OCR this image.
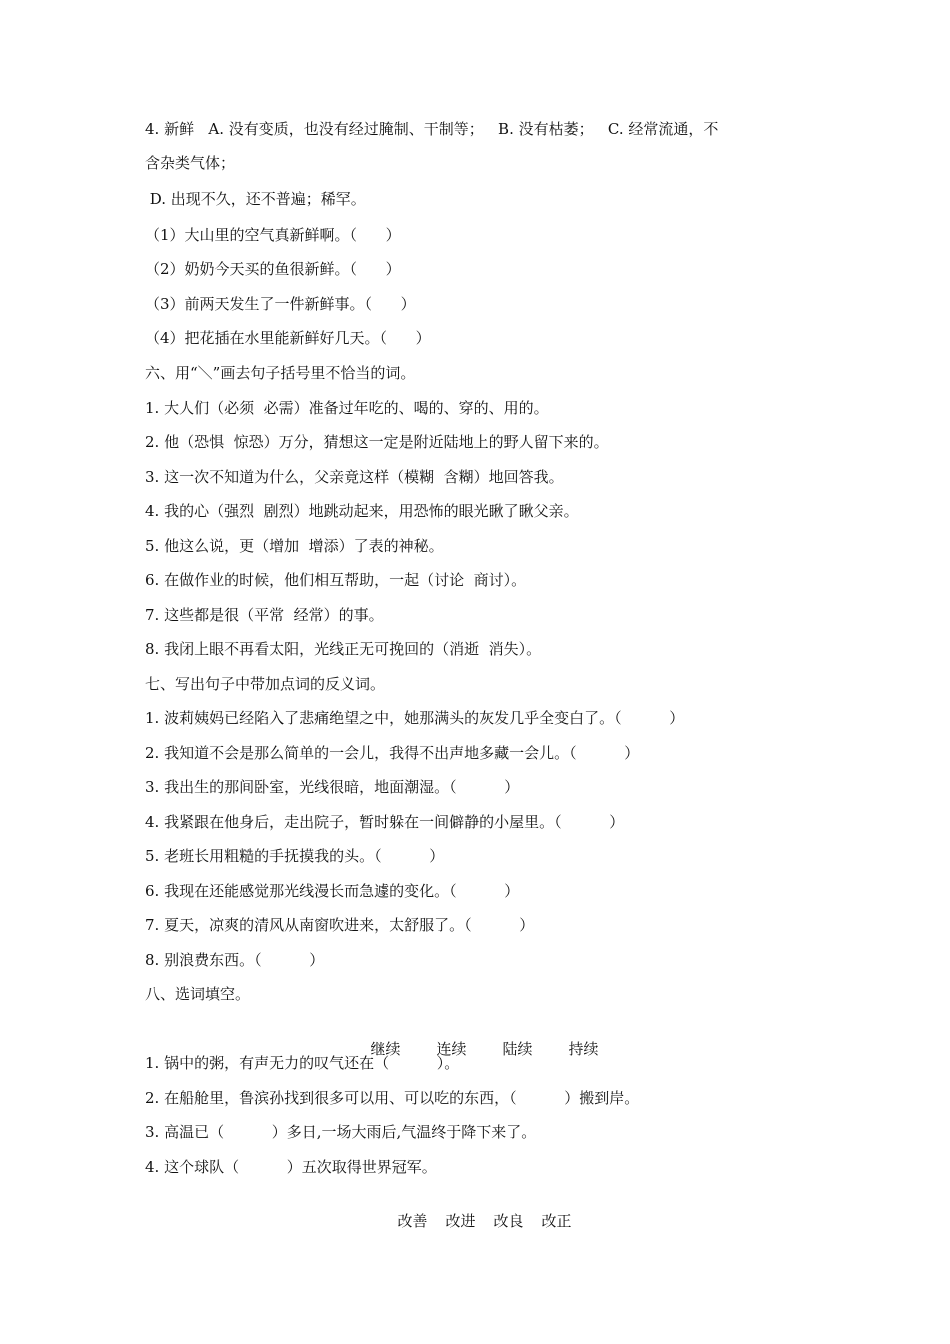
4. 新鲜   A. 没有变质，也没有经过腌制、干制等；   B. 没有枯萎；   C. 经常流通，不
含杂类气体；
D. 出现不久，还不普遍；稀罕。
（1）大山里的空气真新鲜啊。（      ）
（2）奶奶今天买的鱼很新鲜。（      ）
（3）前两天发生了一件新鲜事。（      ）
（4）把花插在水里能新鲜好几天。（      ）
六、用“＼”画去句子括号里不恰当的词。
1. 大人们（必须  必需）准备过年吃的、喝的、穿的、用的。
2. 他（恐惧  惊恐）万分，猜想这一定是附近陆地上的野人留下来的。
3. 这一次不知道为什么，父亲竟这样（模糊  含糊）地回答我。
4. 我的心（强烈  剧烈）地跳动起来，用恐怖的眼光瞅了瞅父亲。
5. 他这么说，更（增加  增添）了表的神秘。
6. 在做作业的时候，他们相互帮助，一起（讨论  商讨）。
7. 这些都是很（平常  经常）的事。
8. 我闭上眼不再看太阳，光线正无可挽回的（消逝  消失）。
七、写出句子中带加点词的反义词。
1. 波莉姨妈已经陷入了悲痛绝望之中，她那满头的灰发几乎全变白了。（          ）
2. 我知道不会是那么简单的一会儿，我得不出声地多藏一会儿。（          ）
3. 我出生的那间卧室，光线很暗，地面潮湿。（          ）
4. 我紧跟在他身后，走出院子，暂时躲在一间僻静的小屋里。（          ）
5. 老班长用粗糙的手抚摸我的头。（          ）
6. 我现在还能感觉那光线漫长而急遽的变化。（          ）
7. 夏天，凉爽的清风从南窗吹进来，太舒服了。（          ）
8. 别浪费东西。（          ）
八、选词填空。

继续 连续 陆续 持续

1. 锅中的粥，有声无力的叹气还在（          ）。
2. 在船舱里，鲁滨孙找到很多可以用、可以吃的东西，（          ）搬到岸。
3. 高温已（          ）多日,一场大雨后,气温终于降下来了。
4. 这个球队（          ）五次取得世界冠军。

改善 改进 改良 改正
